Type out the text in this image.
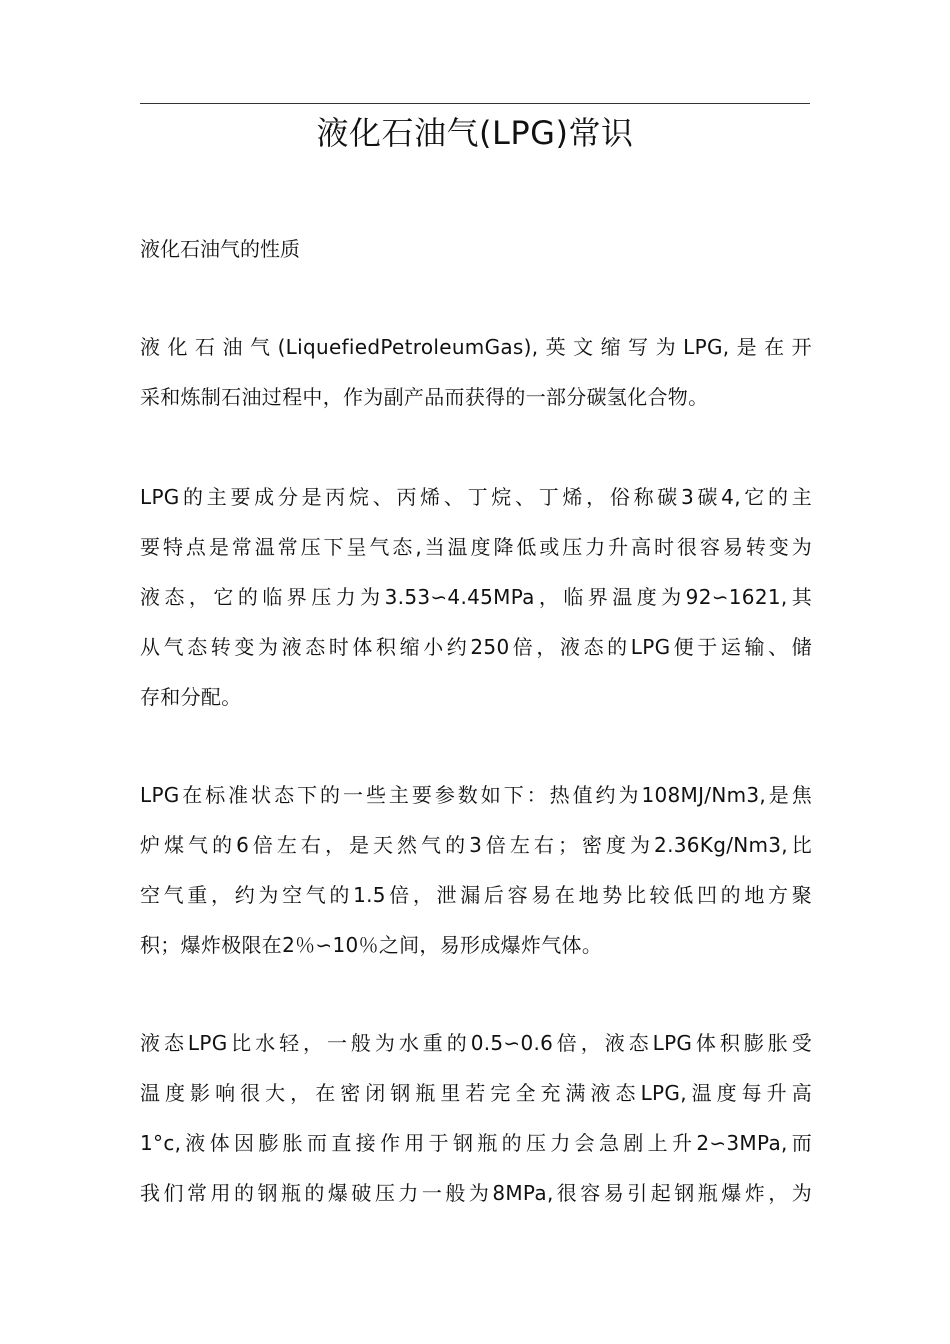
液化石油气(LPG)常识
液化石油气的性质
液化石油气(LiquefiedPetroleumGas),英文缩写为LPG,是在开
采和炼制石油过程中，作为副产品而获得的一部分碳氢化合物。
LPG的主要成分是丙烷、丙烯、丁烷、丁烯，俗称碳3碳4,它的主
要特点是常温常压下呈气态,当温度降低或压力升高时很容易转变为
液态，它的临界压力为3.53∽4.45MPa，临界温度为92∽1621,其
从气态转变为液态时体积缩小约250倍，液态的LPG便于运输、储
存和分配。
LPG在标准状态下的一些主要参数如下：热值约为108MJ/Nm3,是焦
炉煤气的6倍左右，是天然气的3倍左右；密度为2.36Kg/Nm3,比
空气重，约为空气的1.5倍，泄漏后容易在地势比较低凹的地方聚
积；爆炸极限在2％∽10％之间，易形成爆炸气体。
液态LPG比水轻，一般为水重的0.5∽0.6倍，液态LPG体积膨胀受
温度影响很大，在密闭钢瓶里若完全充满液态LPG,温度每升高
1°c,液体因膨胀而直接作用于钢瓶的压力会急剧上升2∽3MPa,而
我们常用的钢瓶的爆破压力一般为8MPa,很容易引起钢瓶爆炸，为
